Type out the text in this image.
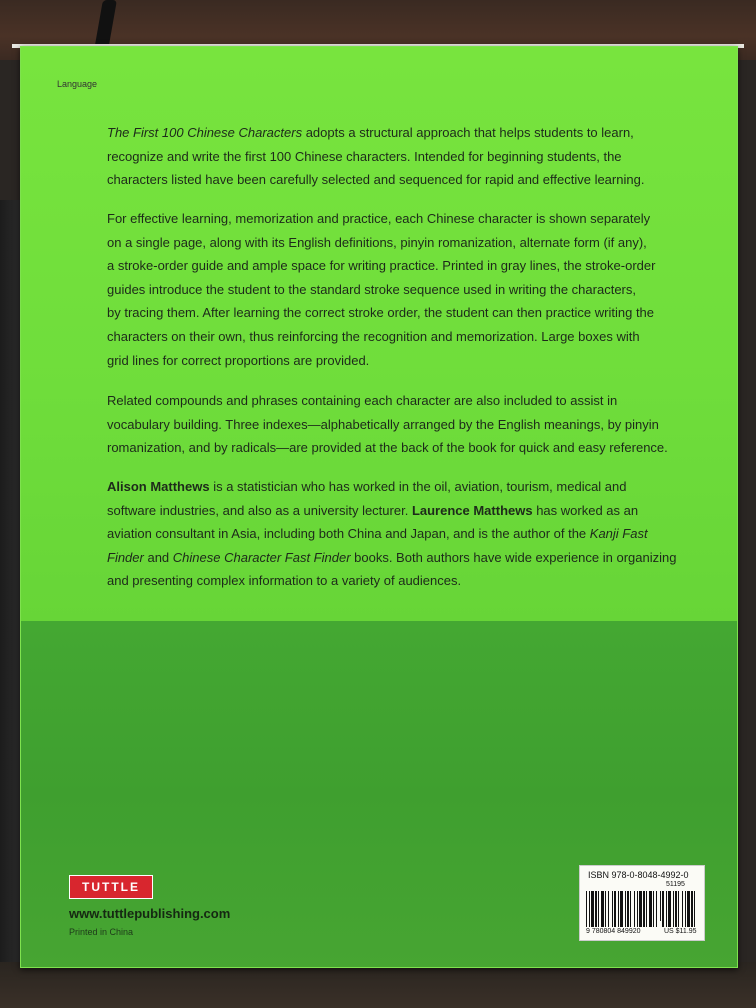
Language
The First 100 Chinese Characters adopts a structural approach that helps students to learn,
recognize and write the first 100 Chinese characters. Intended for beginning students, the
characters listed have been carefully selected and sequenced for rapid and effective learning.
For effective learning, memorization and practice, each Chinese character is shown separately
on a single page, along with its English definitions, pinyin romanization, alternate form (if any),
a stroke-order guide and ample space for writing practice. Printed in gray lines, the stroke-order
guides introduce the student to the standard stroke sequence used in writing the characters,
by tracing them. After learning the correct stroke order, the student can then practice writing the
characters on their own, thus reinforcing the recognition and memorization. Large boxes with
grid lines for correct proportions are provided.
Related compounds and phrases containing each character are also included to assist in
vocabulary building. Three indexes—alphabetically arranged by the English meanings, by pinyin
romanization, and by radicals—are provided at the back of the book for quick and easy reference.
Alison Matthews is a statistician who has worked in the oil, aviation, tourism, medical and
software industries, and also as a university lecturer. Laurence Matthews has worked as an
aviation consultant in Asia, including both China and Japan, and is the author of the Kanji Fast
Finder and Chinese Character Fast Finder books. Both authors have wide experience in organizing
and presenting complex information to a variety of audiences.
TUTTLE
www.tuttlepublishing.com
Printed in China
ISBN 978-0-8048-4992-0
51195
9 780804 849920	US $11.95
